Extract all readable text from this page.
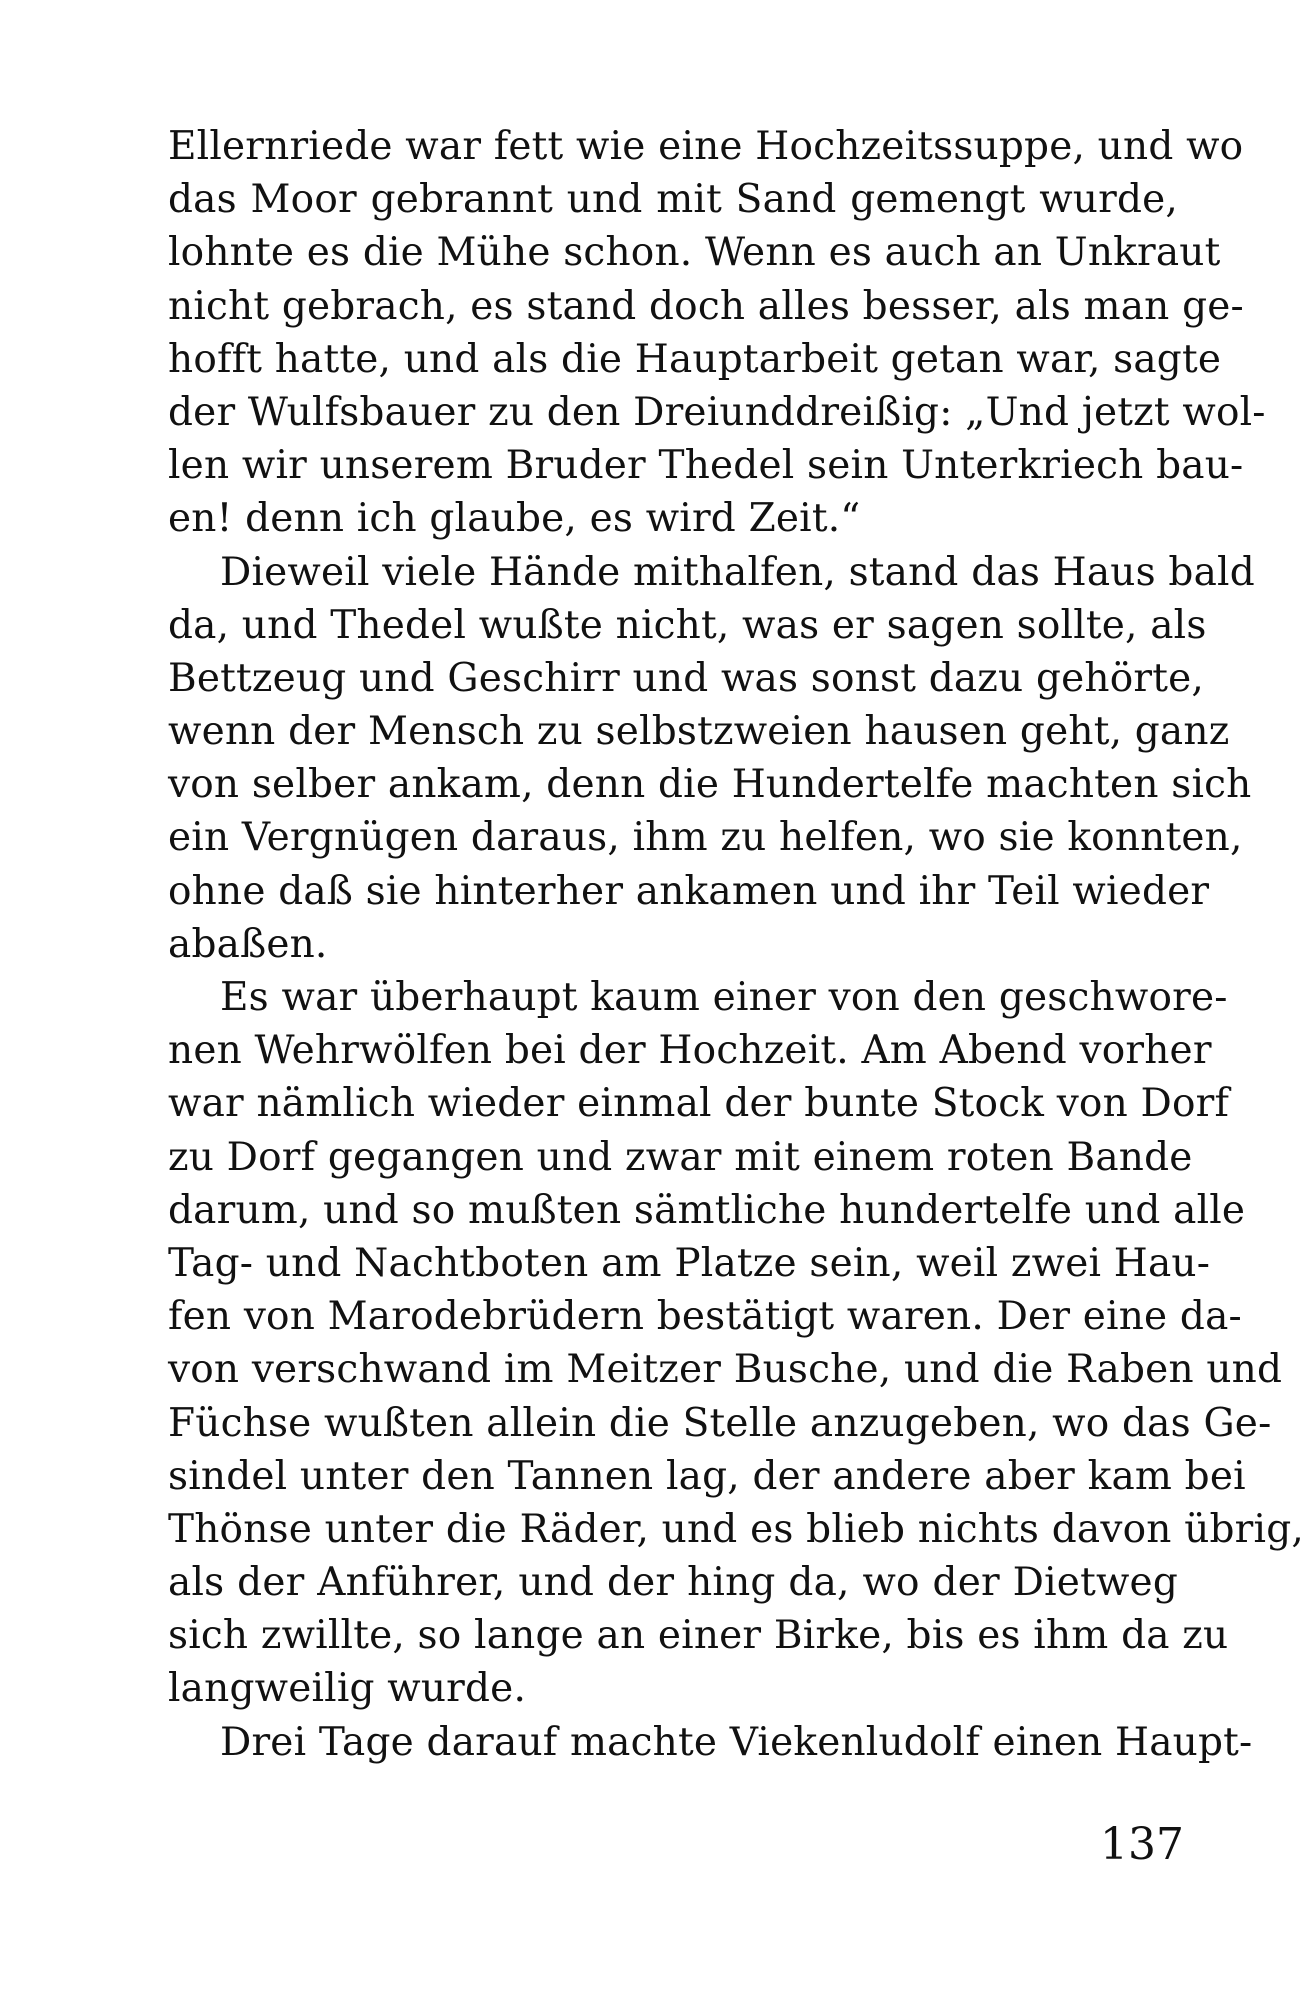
Ellernriede war fett wie eine Hochzeitssuppe, und wo
das Moor gebrannt und mit Sand gemengt wurde,
lohnte es die Mühe schon. Wenn es auch an Unkraut
nicht gebrach, es stand doch alles besser, als man ge-
hofft hatte, und als die Hauptarbeit getan war, sagte
der Wulfsbauer zu den Dreiunddreißig: „Und jetzt wol-
len wir unserem Bruder Thedel sein Unterkriech bau-
en! denn ich glaube, es wird Zeit.“
Dieweil viele Hände mithalfen, stand das Haus bald
da, und Thedel wußte nicht, was er sagen sollte, als
Bettzeug und Geschirr und was sonst dazu gehörte,
wenn der Mensch zu selbstzweien hausen geht, ganz
von selber ankam, denn die Hundertelfe machten sich
ein Vergnügen daraus, ihm zu helfen, wo sie konnten,
ohne daß sie hinterher ankamen und ihr Teil wieder
abaßen.
Es war überhaupt kaum einer von den geschwore-
nen Wehrwölfen bei der Hochzeit. Am Abend vorher
war nämlich wieder einmal der bunte Stock von Dorf
zu Dorf gegangen und zwar mit einem roten Bande
darum, und so mußten sämtliche hundertelfe und alle
Tag- und Nachtboten am Platze sein, weil zwei Hau-
fen von Marodebrüdern bestätigt waren. Der eine da-
von verschwand im Meitzer Busche, und die Raben und
Füchse wußten allein die Stelle anzugeben, wo das Ge-
sindel unter den Tannen lag, der andere aber kam bei
Thönse unter die Räder, und es blieb nichts davon übrig,
als der Anführer, und der hing da, wo der Dietweg
sich zwillte, so lange an einer Birke, bis es ihm da zu
langweilig wurde.
Drei Tage darauf machte Viekenludolf einen Haupt-
137
